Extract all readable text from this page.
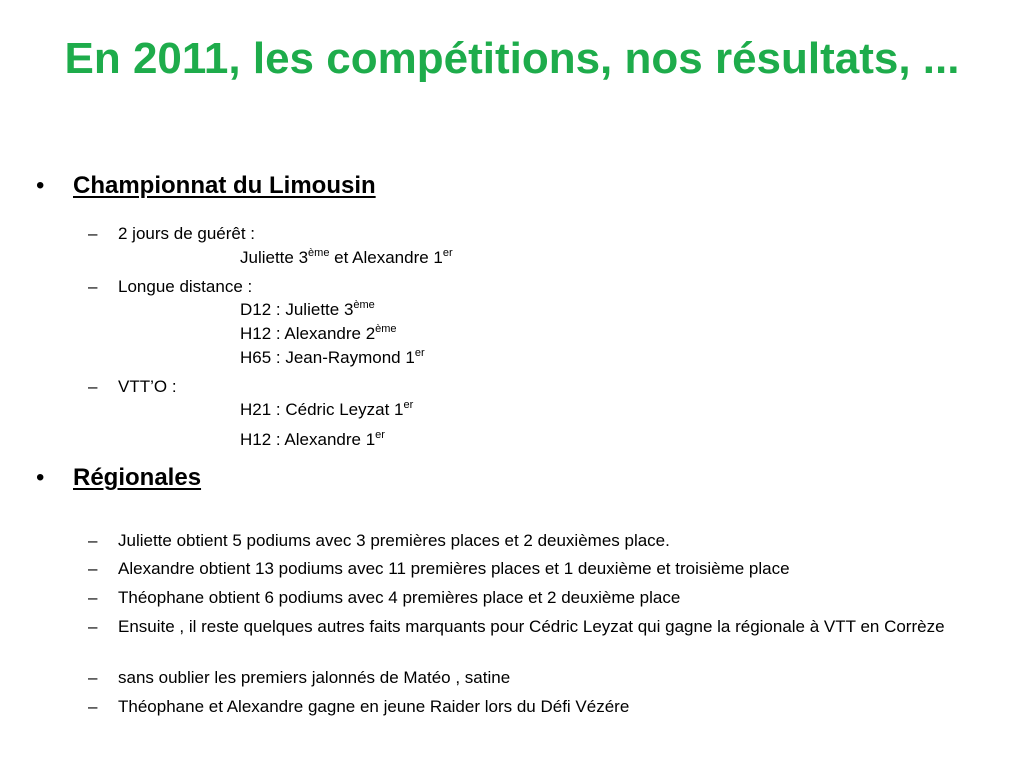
En 2011, les compétitions, nos résultats, ...
• Championnat du Limousin
– 2 jours de guérêt :
Juliette 3ème et Alexandre 1er
– Longue distance :
D12 : Juliette 3ème
H12 : Alexandre 2ème
H65 : Jean-Raymond 1er
– VTT’O :
H21 : Cédric Leyzat 1er
H12 : Alexandre 1er
• Régionales
– Juliette obtient 5 podiums avec 3 premières places et 2 deuxièmes place.
– Alexandre obtient 13 podiums avec 11 premières places et 1 deuxième et troisième place
– Théophane obtient 6 podiums avec 4 premières place et 2 deuxième place
– Ensuite , il reste quelques autres faits marquants pour Cédric Leyzat qui gagne la régionale à VTT en Corrèze
– sans oublier les premiers jalonnés de Matéo , satine
– Théophane et Alexandre gagne en jeune Raider lors du Défi Vézére
